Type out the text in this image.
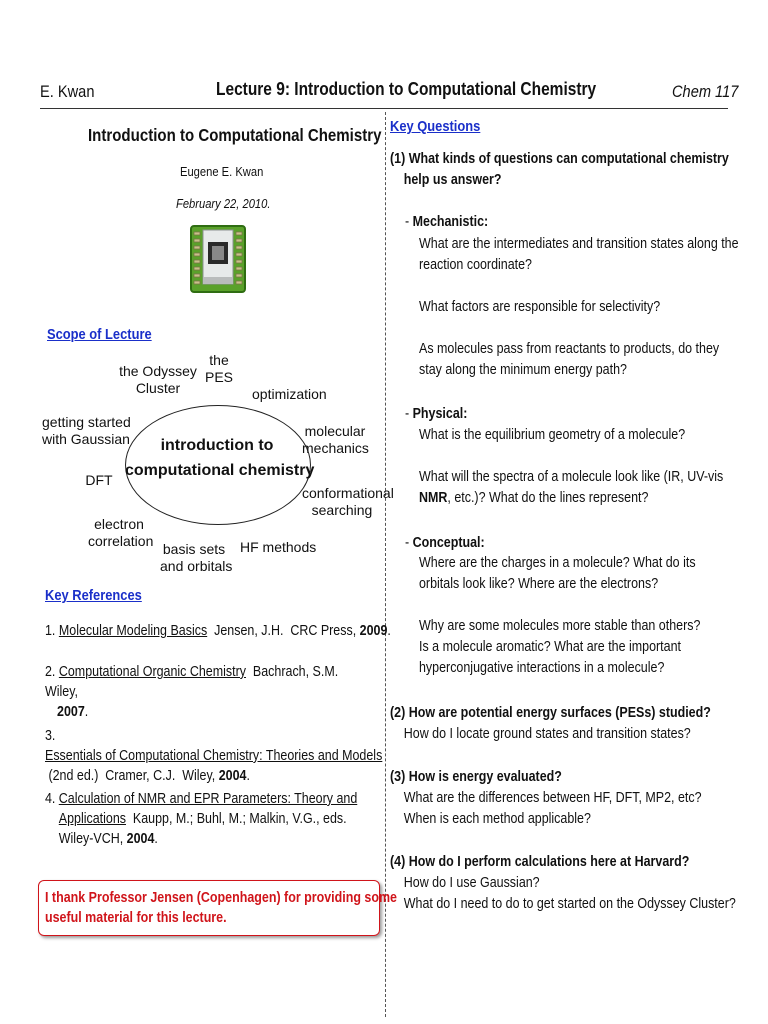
E. Kwan	Lecture 9: Introduction to Computational Chemistry	Chem 117
Introduction to Computational Chemistry
Eugene E. Kwan
February 22, 2010.
Scope of Lecture
introduction to
computational chemistry
the Odyssey
Cluster
the
PES
optimization
getting started
with Gaussian	molecular
mechanics
DFT
conformational
searching
electron
correlation basis sets
and orbitals
HF methods
Key References
1. Molecular Modeling Basics  Jensen, J.H.  CRC Press, 2009.
2. Computational Organic Chemistry  Bachrach, S.M.  Wiley,
2007.
3. Essentials of Computational Chemistry: Theories and Models
(2nd ed.)  Cramer, C.J.  Wiley, 2004.
4. Calculation of NMR and EPR Parameters: Theory and Applications  Kaupp, M.; Buhl, M.; Malkin, V.G., eds.  Wiley-VCH, 2004.
I thank Professor Jensen (Copenhagen) for providing some
useful material for this lecture.
Key Questions
(1) What kinds of questions can computational chemistry
help us answer?
- Mechanistic:
What are the intermediates and transition states along the
reaction coordinate?
What factors are responsible for selectivity?
As molecules pass from reactants to products, do they
stay along the minimum energy path?
- Physical:
What is the equilibrium geometry of a molecule?
What will the spectra of a molecule look like (IR, UV-vis
NMR, etc.)? What do the lines represent?
- Conceptual:
Where are the charges in a molecule? What do its
orbitals look like? Where are the electrons?
Why are some molecules more stable than others?
Is a molecule aromatic? What are the important
hyperconjugative interactions in a molecule?
(2) How are potential energy surfaces (PESs) studied?
How do I locate ground states and transition states?
(3) How is energy evaluated?
What are the differences between HF, DFT, MP2, etc?
When is each method applicable?
(4) How do I perform calculations here at Harvard?
How do I use Gaussian?
What do I need to do to get started on the Odyssey Cluster?
